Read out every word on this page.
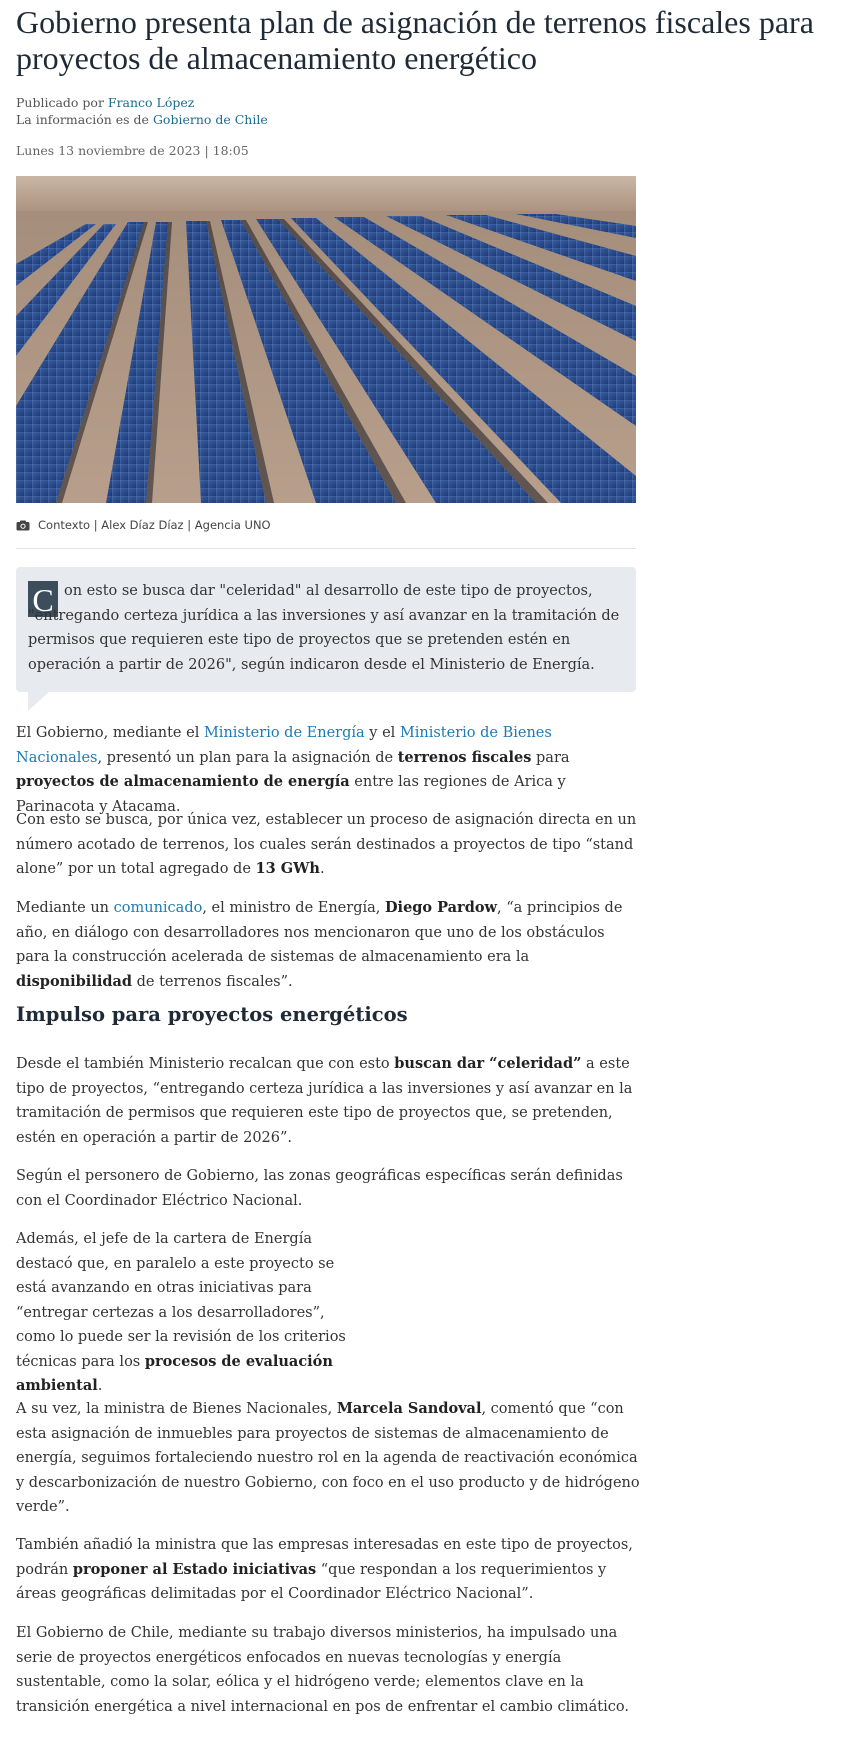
Gobierno presenta plan de asignación de terrenos fiscales para proyectos de almacenamiento energético
Publicado por Franco López
La información es de Gobierno de Chile
Lunes 13 noviembre de 2023 | 18:05
Contexto | Alex Díaz Díaz | Agencia UNO
C on esto se busca dar "celeridad" al desarrollo de este tipo de proyectos, "entregando certeza jurídica a las inversiones y así avanzar en la tramitación de permisos que requieren este tipo de proyectos que se pretenden estén en operación a partir de 2026", según indicaron desde el Ministerio de Energía.

El Gobierno, mediante el Ministerio de Energía y el Ministerio de Bienes Nacionales, presentó un plan para la asignación de terrenos fiscales para proyectos de almacenamiento de energía entre las regiones de Arica y Parinacota y Atacama.

Con esto se busca, por única vez, establecer un proceso de asignación directa en un número acotado de terrenos, los cuales serán destinados a proyectos de tipo “stand alone” por un total agregado de 13 GWh.

Mediante un comunicado, el ministro de Energía, Diego Pardow, “a principios de año, en diálogo con desarrolladores nos mencionaron que uno de los obstáculos para la construcción acelerada de sistemas de almacenamiento era la disponibilidad de terrenos fiscales”.

Impulso para proyectos energéticos

Desde el también Ministerio recalcan que con esto buscan dar “celeridad” a este tipo de proyectos, “entregando certeza jurídica a las inversiones y así avanzar en la tramitación de permisos que requieren este tipo de proyectos que, se pretenden, estén en operación a partir de 2026”.

Según el personero de Gobierno, las zonas geográficas específicas serán definidas con el Coordinador Eléctrico Nacional.

Además, el jefe de la cartera de Energía destacó que, en paralelo a este proyecto se está avanzando en otras iniciativas para “entregar certezas a los desarrolladores”, como lo puede ser la revisión de los criterios técnicas para los procesos de evaluación ambiental.

A su vez, la ministra de Bienes Nacionales, Marcela Sandoval, comentó que “con esta asignación de inmuebles para proyectos de sistemas de almacenamiento de energía, seguimos fortaleciendo nuestro rol en la agenda de reactivación económica y descarbonización de nuestro Gobierno, con foco en el uso producto y de hidrógeno verde”.

También añadió la ministra que las empresas interesadas en este tipo de proyectos, podrán proponer al Estado iniciativas “que respondan a los requerimientos y áreas geográficas delimitadas por el Coordinador Eléctrico Nacional”.

El Gobierno de Chile, mediante su trabajo diversos ministerios, ha impulsado una serie de proyectos energéticos enfocados en nuevas tecnologías y energía sustentable, como la solar, eólica y el hidrógeno verde; elementos clave en la transición energética a nivel internacional en pos de enfrentar el cambio climático.
